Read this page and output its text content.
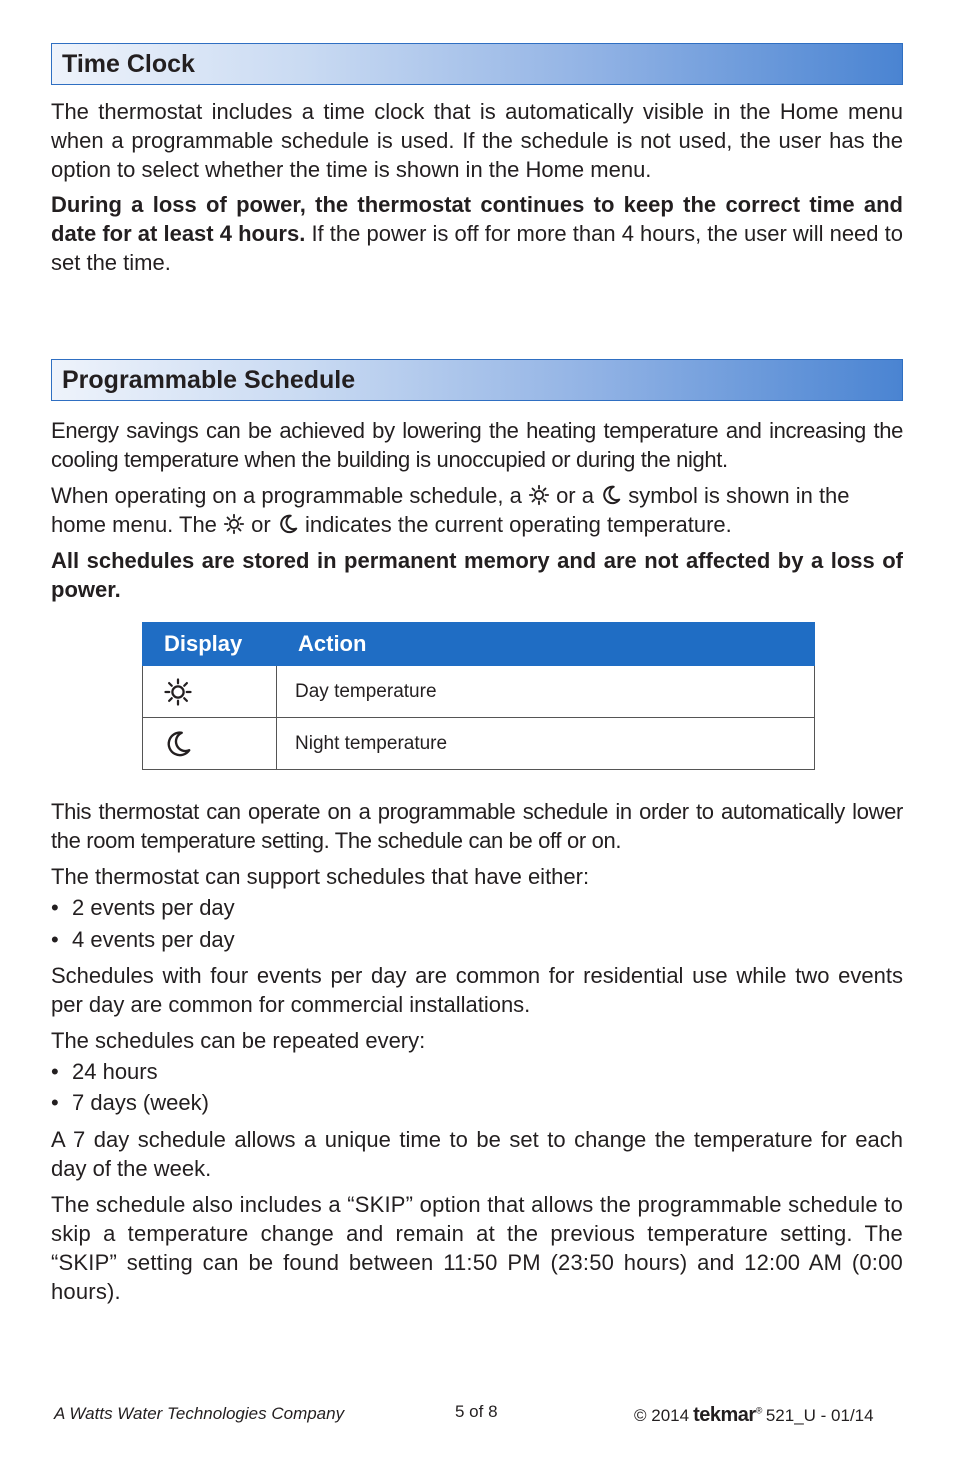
Time Clock

The thermostat includes a time clock that is automatically visible in the Home menu when a programmable schedule is used. If the schedule is not used, the user has the option to select whether the time is shown in the Home menu.

During a loss of power, the thermostat continues to keep the correct time and date for at least 4 hours. If the power is off for more than 4 hours, the user will need to set the time.

Programmable Schedule

Energy savings can be achieved by lowering the heating temperature and increasing the cooling temperature when the building is unoccupied or during the night.

When operating on a programmable schedule, a
or a
symbol is shown in the home menu. The
or
indicates the current operating temperature.

All schedules are stored in permanent memory and are not affected by a loss of power.

Display	Action

	Day temperature

	Night temperature

This thermostat can operate on a programmable schedule in order to automatically lower the room temperature setting. The schedule can be off or on.

The thermostat can support schedules that have either:

• 2 events per day

• 4 events per day

Schedules with four events per day are common for residential use while two events per day are common for commercial installations.

The schedules can be repeated every:

• 24 hours

• 7 days (week)

A 7 day schedule allows a unique time to be set to change the temperature for each day of the week.

The schedule also includes a “SKIP” option that allows the programmable schedule to skip a temperature change and remain at the previous temperature setting. The “SKIP” setting can be found between 11:50 PM (23:50 hours) and 12:00 AM (0:00 hours).

A Watts Water Technologies Company	5 of 8	© 2014 tekmar® 521_U - 01/14
